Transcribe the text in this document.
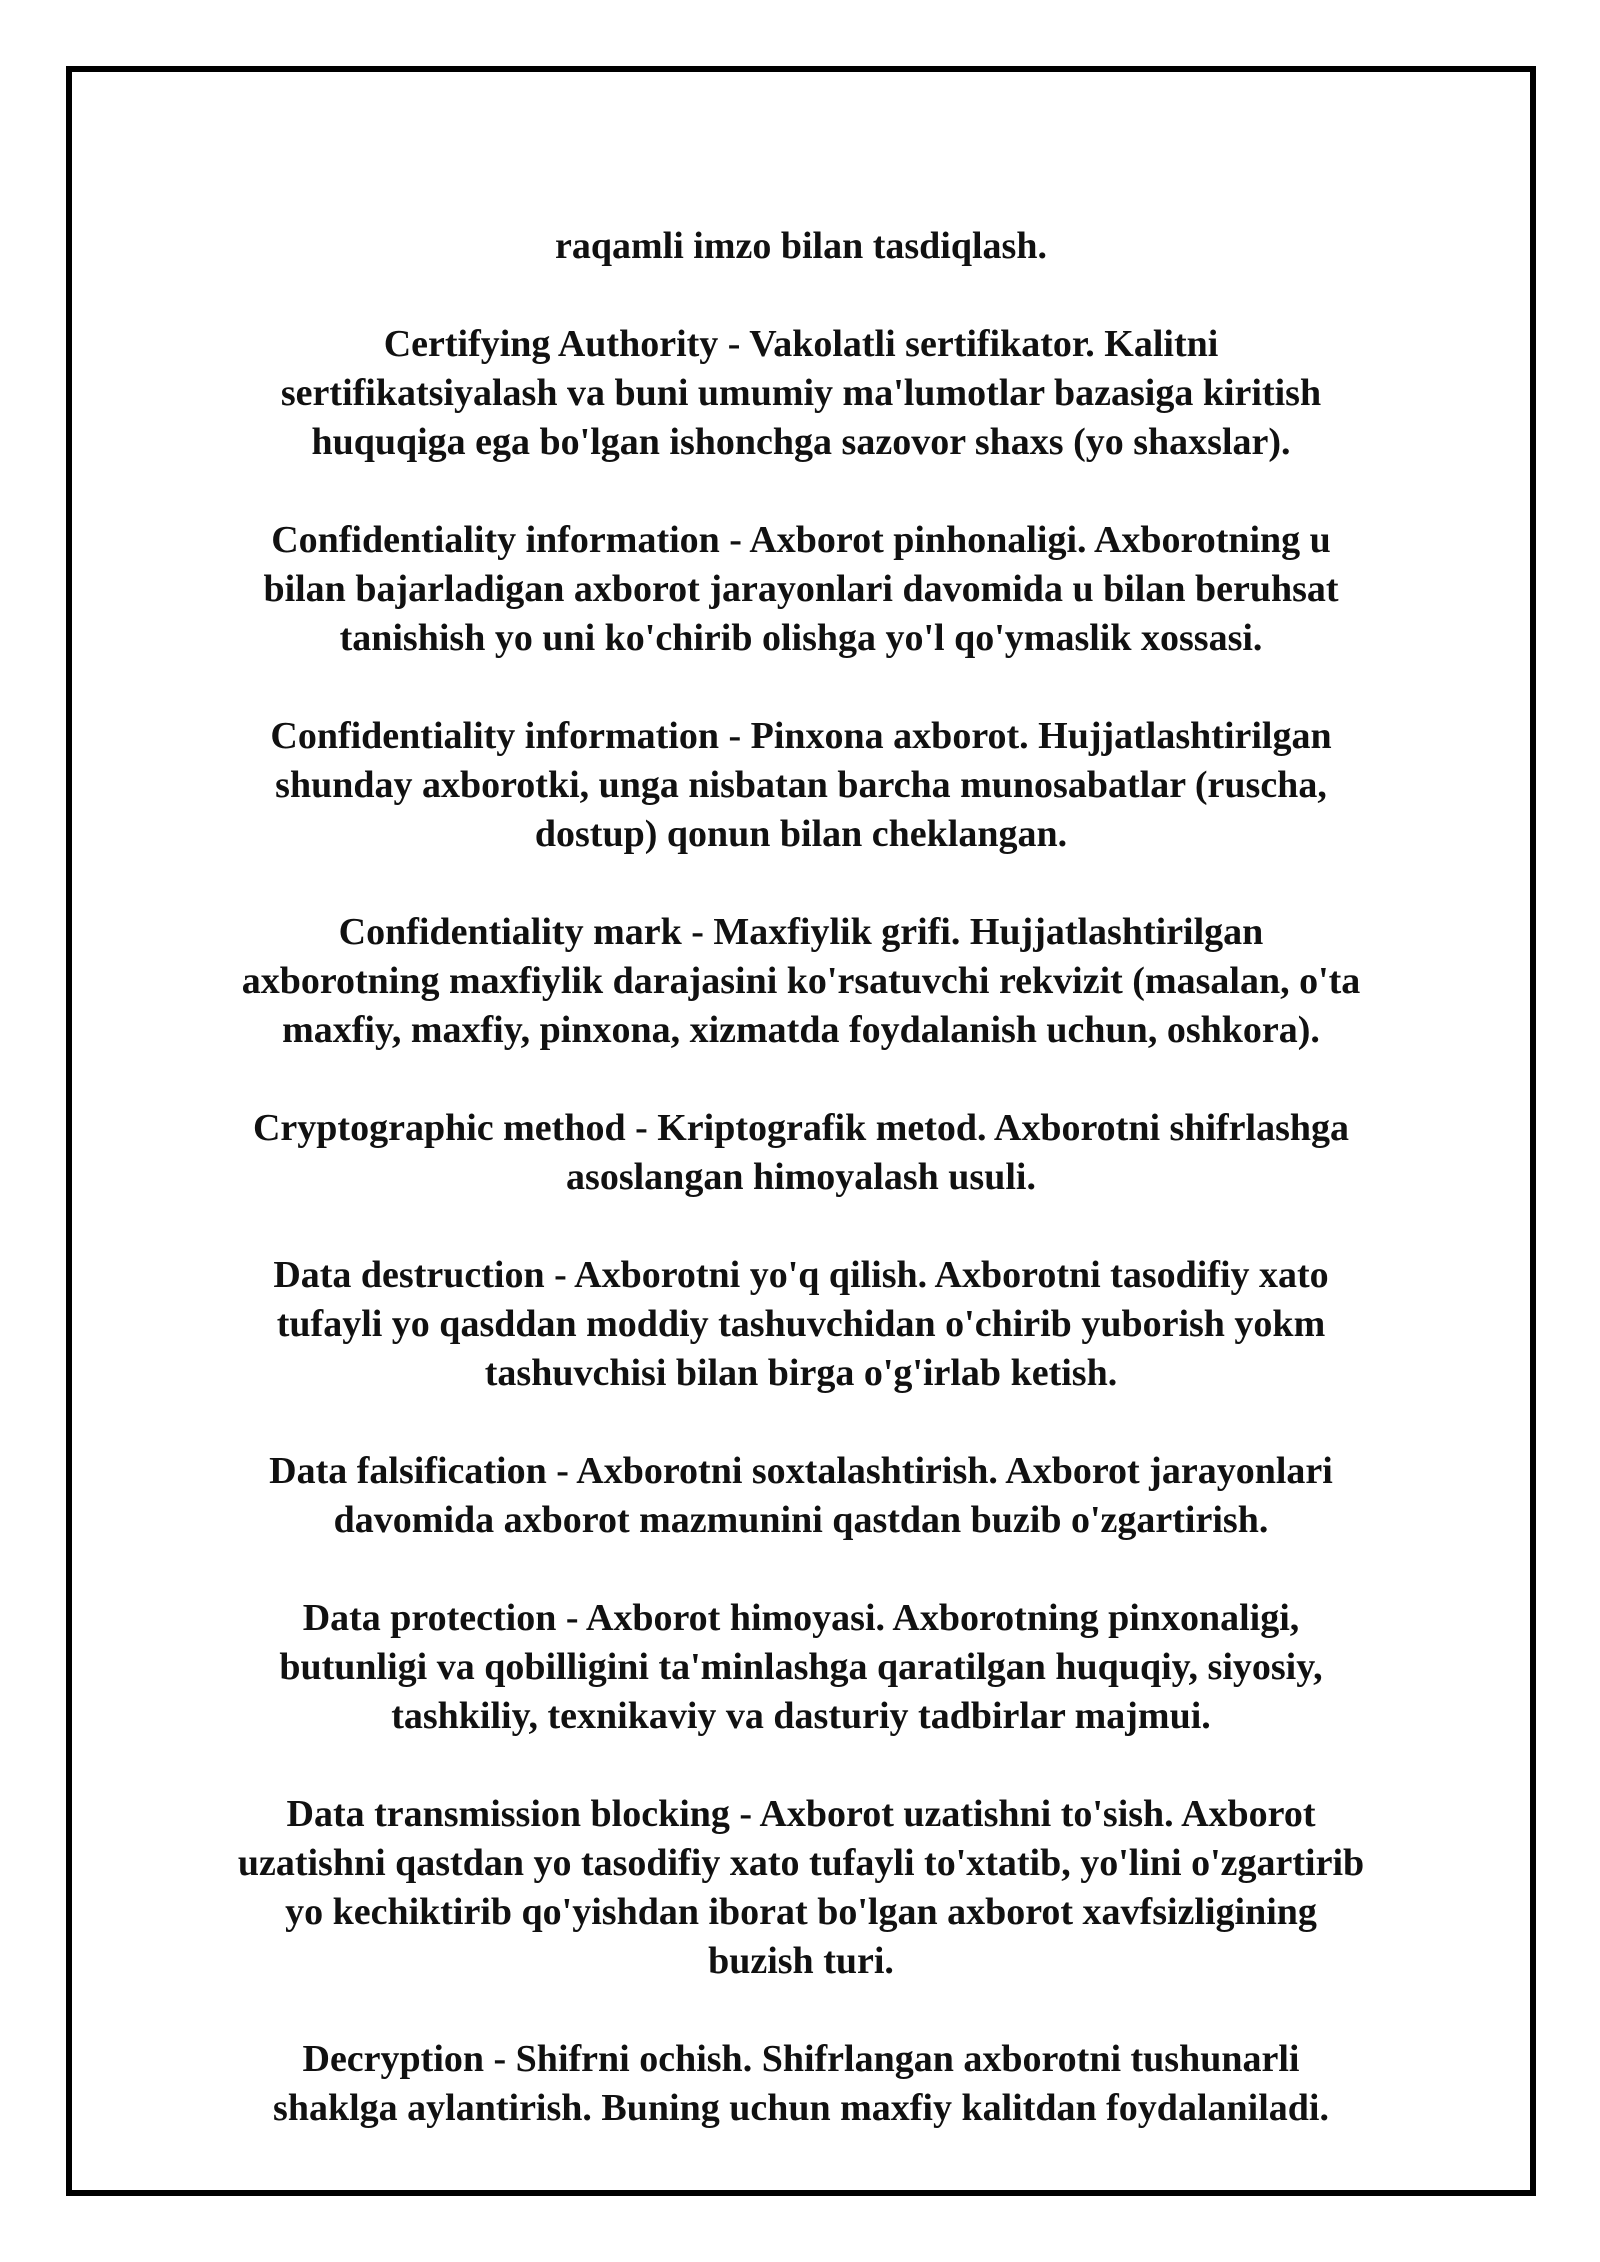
raqamli imzo bilan tasdiqlash.

Certifying Authority - Vakolatli sertifikator. Kalitni
sertifikatsiyalash va buni umumiy ma'lumotlar bazasiga kiritish
huquqiga ega bo'lgan ishonchga sazovor shaxs (yo shaxslar).

Confidentiality information - Axborot pinhonaligi. Axborotning u
bilan bajarladigan axborot jarayonlari davomida u bilan beruhsat
tanishish yo uni ko'chirib olishga yo'l qo'ymaslik xossasi.

Confidentiality information - Pinxona axborot. Hujjatlashtirilgan
shunday axborotki, unga nisbatan barcha munosabatlar (ruscha,
dostup) qonun bilan cheklangan.

Confidentiality mark - Maxfiylik grifi. Hujjatlashtirilgan
axborotning maxfiylik darajasini ko'rsatuvchi rekvizit (masalan, o'ta
maxfiy, maxfiy, pinxona, xizmatda foydalanish uchun, oshkora).

Cryptographic method - Kriptografik metod. Axborotni shifrlashga
asoslangan himoyalash usuli.

Data destruction - Axborotni yo'q qilish. Axborotni tasodifiy xato
tufayli yo qasddan moddiy tashuvchidan o'chirib yuborish yokm
tashuvchisi bilan birga o'g'irlab ketish.

Data falsification - Axborotni soxtalashtirish. Axborot jarayonlari
davomida axborot mazmunini qastdan buzib o'zgartirish.

Data protection - Axborot himoyasi. Axborotning pinxonaligi,
butunligi va qobilligini ta'minlashga qaratilgan huquqiy, siyosiy,
tashkiliy, texnikaviy va dasturiy tadbirlar majmui.

Data transmission blocking - Axborot uzatishni to'sish. Axborot
uzatishni qastdan yo tasodifiy xato tufayli to'xtatib, yo'lini o'zgartirib
yo kechiktirib qo'yishdan iborat bo'lgan axborot xavfsizligining
buzish turi.

Decryption - Shifrni ochish. Shifrlangan axborotni tushunarli
shaklga aylantirish. Buning uchun maxfiy kalitdan foydalaniladi.
